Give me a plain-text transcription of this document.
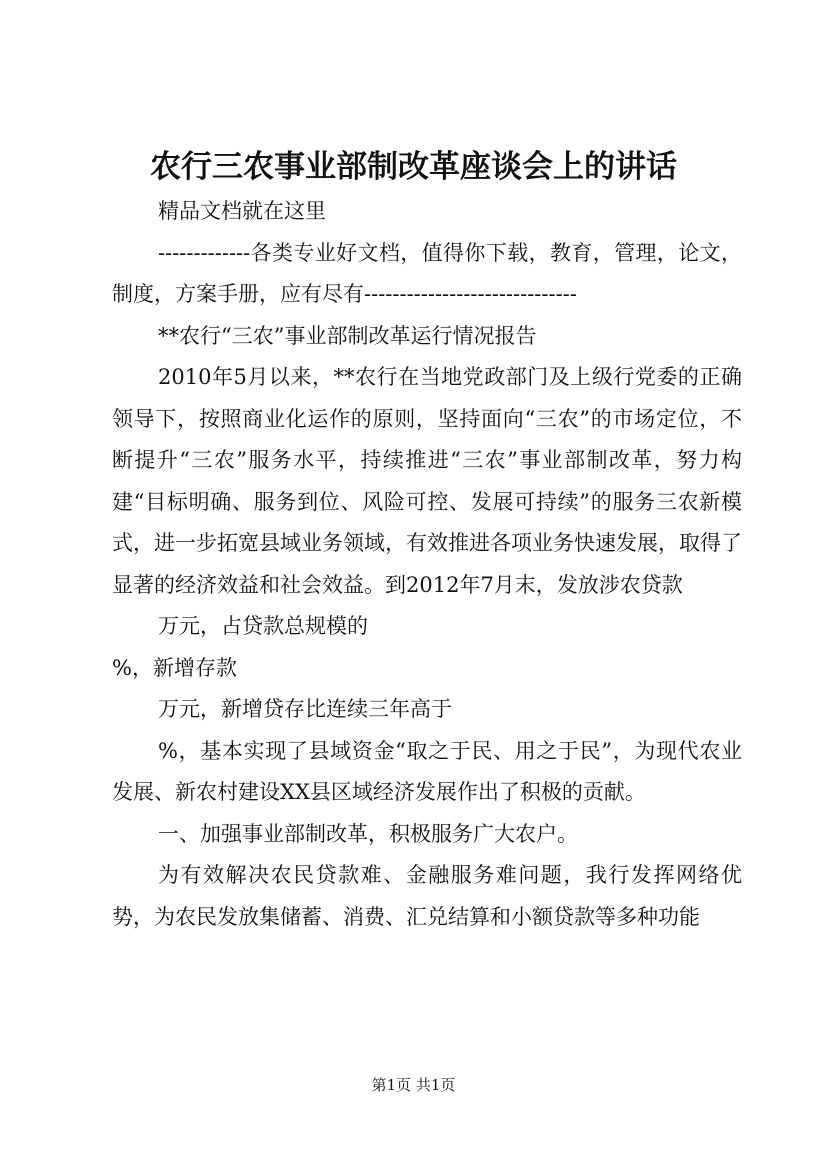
农行三农事业部制改革座谈会上的讲话

精品文档就在这里

-------------各类专业好文档，值得你下载，教育，管理，论文，制度，方案手册，应有尽有------------------------------

**农行“三农”事业部制改革运行情况报告

2010年5月以来，**农行在当地党政部门及上级行党委的正确领导下，按照商业化运作的原则，坚持面向“三农”的市场定位，不断提升“三农”服务水平，持续推进“三农”事业部制改革，努力构建“目标明确、服务到位、风险可控、发展可持续”的服务三农新模式，进一步拓宽县域业务领域，有效推进各项业务快速发展，取得了显著的经济效益和社会效益。到2012年7月末，发放涉农贷款

万元，占贷款总规模的

%，新增存款

万元，新增贷存比连续三年高于

%，基本实现了县域资金“取之于民、用之于民”，为现代农业发展、新农村建设XX县区域经济发展作出了积极的贡献。

一、加强事业部制改革，积极服务广大农户。

为有效解决农民贷款难、金融服务难问题，我行发挥网络优势，为农民发放集储蓄、消费、汇兑结算和小额贷款等多种功能

第1页 共1页
